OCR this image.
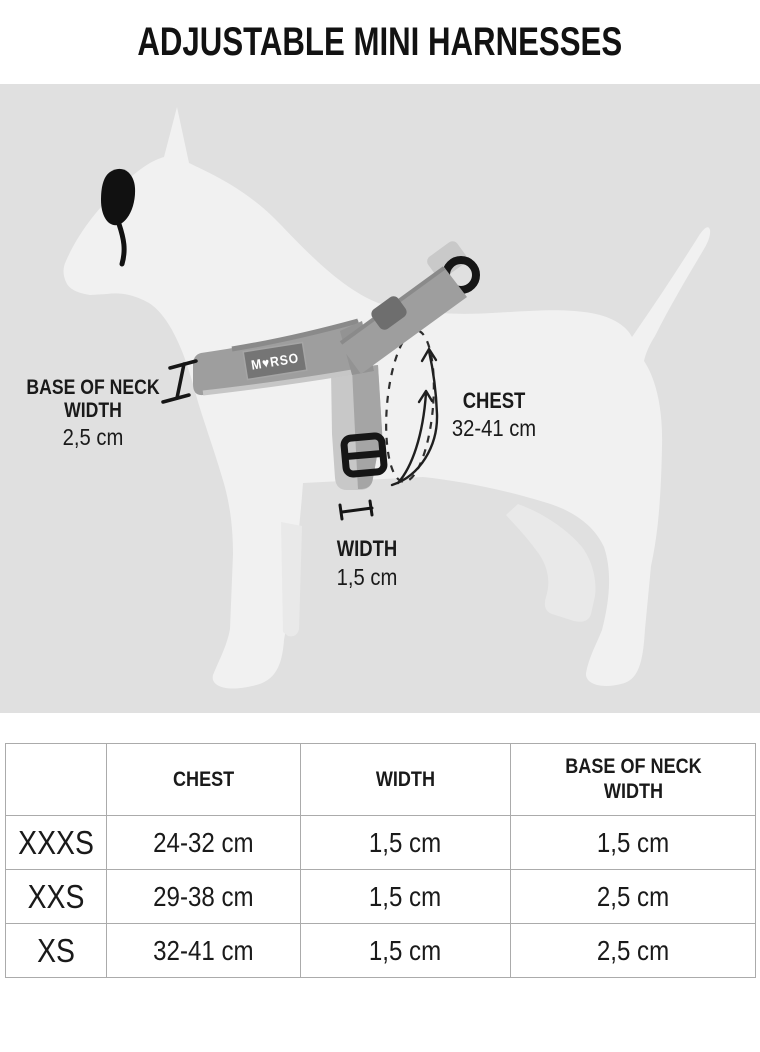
ADJUSTABLE MINI HARNESSES
M♥RSO
BASE OF NECK
WIDTH
2,5 cm
CHEST
32-41 cm
WIDTH
1,5 cm
	CHEST	WIDTH	BASE OF NECK WIDTH
XXXS	24-32 cm	1,5 cm	1,5 cm
XXS	29-38 cm	1,5 cm	2,5 cm
XS	32-41 cm	1,5 cm	2,5 cm
